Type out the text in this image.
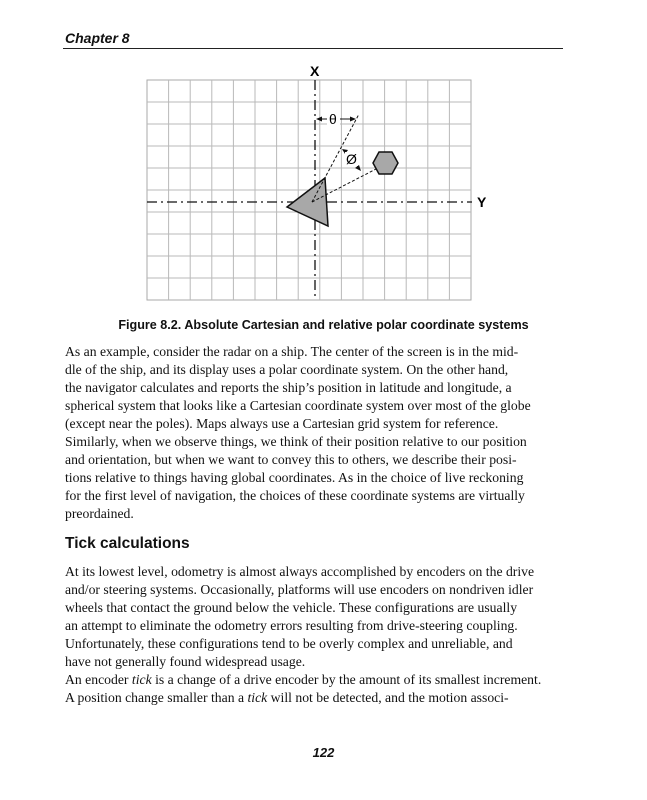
Chapter 8
X
Y
θ
Ø
Figure 8.2. Absolute Cartesian and relative polar coordinate systems
As an example, consider the radar on a ship. The center of the screen is in the mid-
dle of the ship, and its display uses a polar coordinate system. On the other hand,
the navigator calculates and reports the ship’s position in latitude and longitude, a
spherical system that looks like a Cartesian coordinate system over most of the globe
(except near the poles). Maps always use a Cartesian grid system for reference.
Similarly, when we observe things, we think of their position relative to our position
and orientation, but when we want to convey this to others, we describe their posi-
tions relative to things having global coordinates. As in the choice of live reckoning
for the first level of navigation, the choices of these coordinate systems are virtually
preordained.
Tick calculations
At its lowest level, odometry is almost always accomplished by encoders on the drive
and/or steering systems. Occasionally, platforms will use encoders on nondriven idler
wheels that contact the ground below the vehicle. These configurations are usually
an attempt to eliminate the odometry errors resulting from drive-steering coupling.
Unfortunately, these configurations tend to be overly complex and unreliable, and
have not generally found widespread usage.
An encoder tick is a change of a drive encoder by the amount of its smallest increment.
A position change smaller than a tick will not be detected, and the motion associ-
122
